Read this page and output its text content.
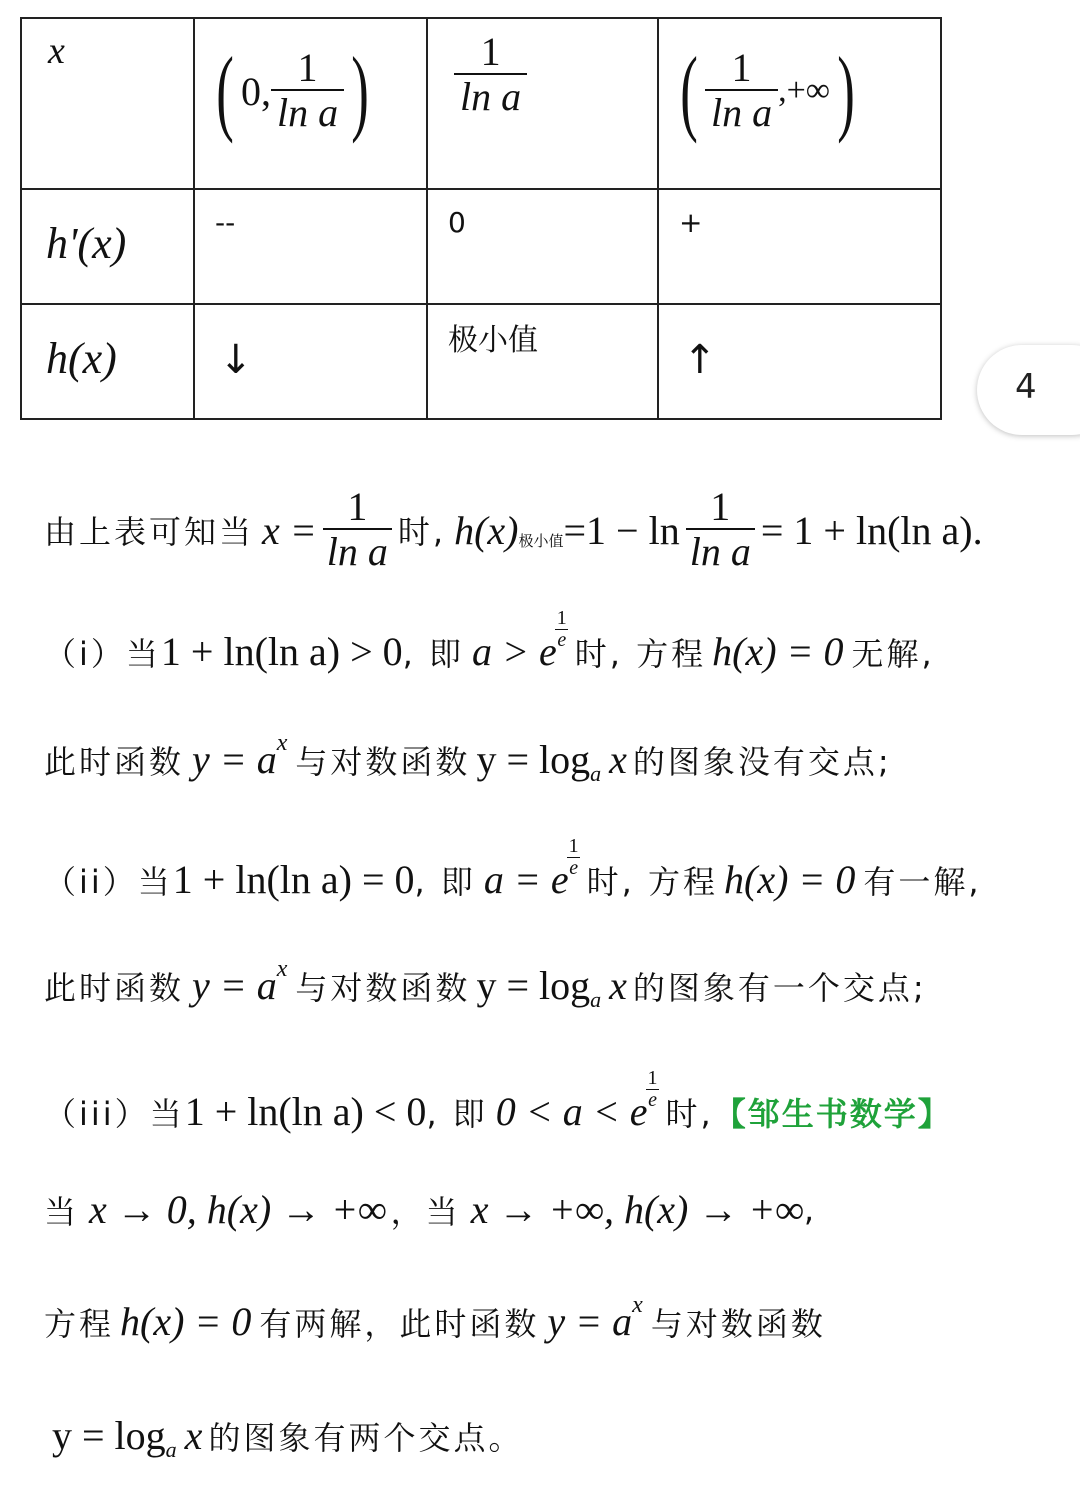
x	( 0, $\frac{1}{\text{ln a}}$ )	$\frac{1}{\text{ln a}}$	( $\frac{1}{\text{ln a}}$ ,+∞ )

h'(x)	--	0	+

h(x)	↓	极小值	↑
4
由上表可知当 $x = \frac{1}{\text{ln a}}$ 时, h(x) 极小值 $=1 - \ln \frac{1}{\text{ln a}} = 1 + \ln(\ln$ a).
（i）当 1 + ln(ln a) > 0 , 即 a > e
$\frac{1}{e}$
时, 方程 h(x) = 0 无解,
此时函数 y = a x 与对数函数 y = log a x 的图象没有交点;
（ii）当 1 + ln(ln a) = 0 , 即 a = e
$\frac{1}{e}$
时, 方程 h(x) = 0 有一解,
此时函数 y = a x 与对数函数 y = log a x 的图象有一个交点;
（iii）当 1 + ln(ln a) < 0 , 即 0 < a < e
$\frac{1}{e}$
时, 【邹生书数学】
当 x → 0, h(x) → +∞ ，当 x → +∞, h(x) → +∞ ,
方程 h(x) = 0 有两解，此时函数 y = a x 与对数函数
y = log a x 的图象有两个交点。
